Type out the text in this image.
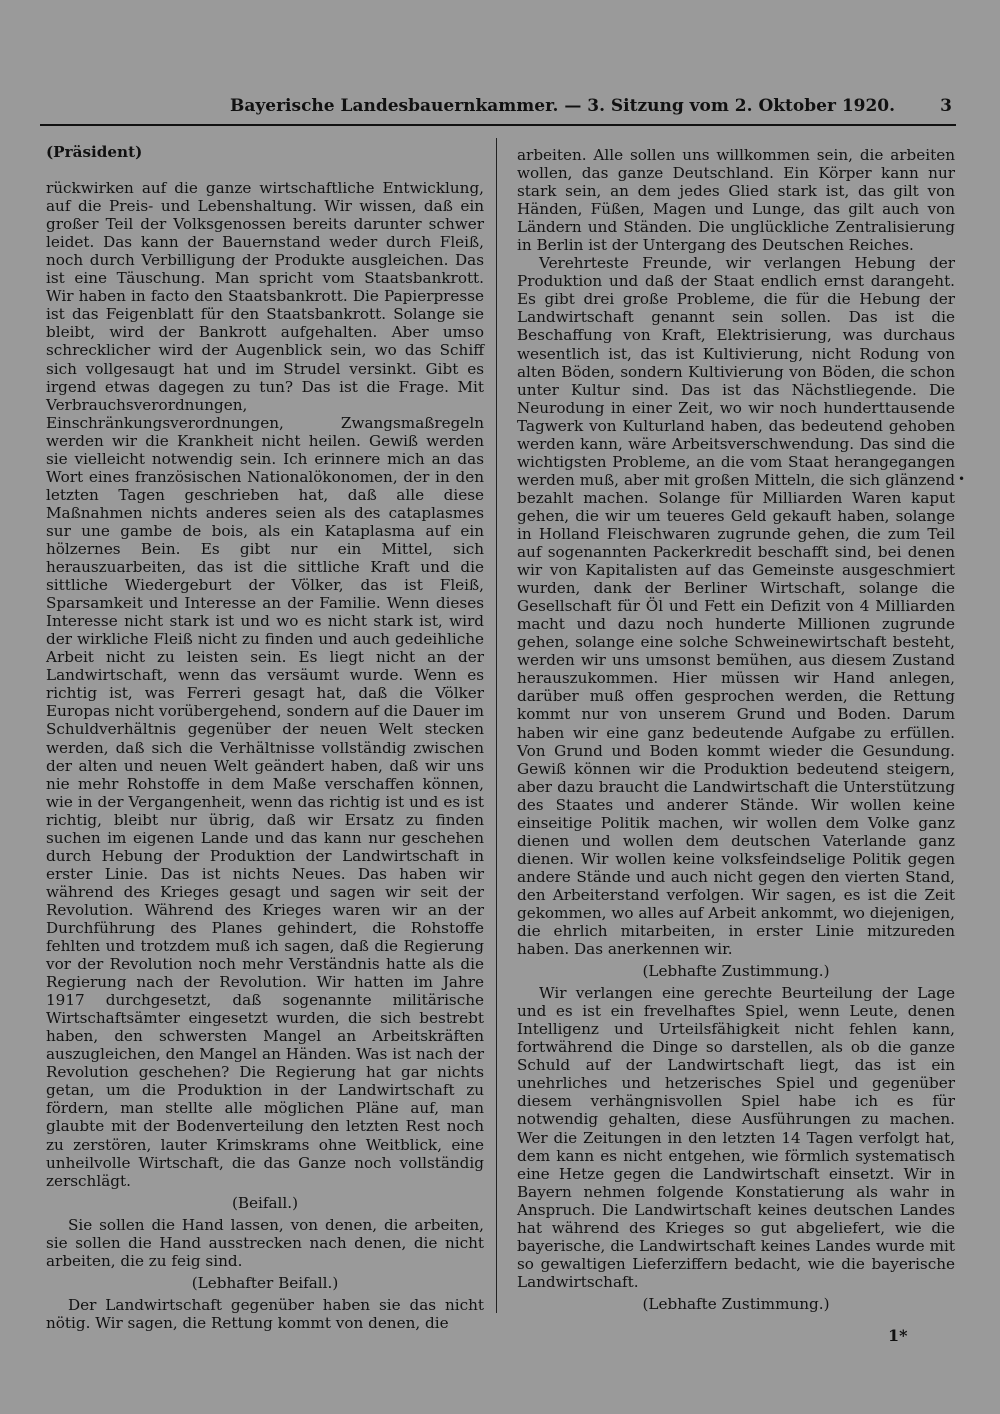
Bayerische Landesbauernkammer. — 3. Sitzung vom 2. Oktober 1920.	3

(Präsident)

rückwirken auf die ganze wirtschaftliche Entwicklung, auf die Preis- und Lebenshaltung. Wir wissen, daß ein großer Teil der Volksgenossen bereits darunter schwer leidet. Das kann der Bauernstand weder durch Fleiß, noch durch Verbilligung der Produkte ausgleichen. Das ist eine Täuschung. Man spricht vom Staatsbankrott. Wir haben in facto den Staatsbankrott. Die Papierpresse ist das Feigenblatt für den Staatsbankrott. Solange sie bleibt, wird der Bankrott aufgehalten. Aber umso schrecklicher wird der Augenblick sein, wo das Schiff sich vollgesaugt hat und im Strudel versinkt. Gibt es irgend etwas dagegen zu tun? Das ist die Frage. Mit Verbrauchsverordnungen, Einschränkungsverordnungen, Zwangsmaßregeln werden wir die Krankheit nicht heilen. Gewiß werden sie vielleicht notwendig sein. Ich erinnere mich an das Wort eines französischen Nationalökonomen, der in den letzten Tagen geschrieben hat, daß alle diese Maßnahmen nichts anderes seien als des cataplasmes sur une gambe de bois, als ein Kataplasma auf ein hölzernes Bein. Es gibt nur ein Mittel, sich herauszuarbeiten, das ist die sittliche Kraft und die sittliche Wiedergeburt der Völker, das ist Fleiß, Sparsamkeit und Interesse an der Familie. Wenn dieses Interesse nicht stark ist und wo es nicht stark ist, wird der wirkliche Fleiß nicht zu finden und auch gedeihliche Arbeit nicht zu leisten sein. Es liegt nicht an der Landwirtschaft, wenn das versäumt wurde. Wenn es richtig ist, was Ferreri gesagt hat, daß die Völker Europas nicht vorübergehend, sondern auf die Dauer im Schuldverhältnis gegenüber der neuen Welt stecken werden, daß sich die Verhältnisse vollständig zwischen der alten und neuen Welt geändert haben, daß wir uns nie mehr Rohstoffe in dem Maße verschaffen können, wie in der Vergangenheit, wenn das richtig ist und es ist richtig, bleibt nur übrig, daß wir Ersatz zu finden suchen im eigenen Lande und das kann nur geschehen durch Hebung der Produktion der Landwirtschaft in erster Linie. Das ist nichts Neues. Das haben wir während des Krieges gesagt und sagen wir seit der Revolution. Während des Krieges waren wir an der Durchführung des Planes gehindert, die Rohstoffe fehlten und trotzdem muß ich sagen, daß die Regierung vor der Revolution noch mehr Verständnis hatte als die Regierung nach der Revolution. Wir hatten im Jahre 1917 durchgesetzt, daß sogenannte militärische Wirtschaftsämter eingesetzt wurden, die sich bestrebt haben, den schwersten Mangel an Arbeitskräften auszugleichen, den Mangel an Händen. Was ist nach der Revolution geschehen? Die Regierung hat gar nichts getan, um die Produktion in der Landwirtschaft zu fördern, man stellte alle möglichen Pläne auf, man glaubte mit der Bodenverteilung den letzten Rest noch zu zerstören, lauter Krimskrams ohne Weitblick, eine unheilvolle Wirtschaft, die das Ganze noch vollständig zerschlägt.

(Beifall.)

Sie sollen die Hand lassen, von denen, die arbeiten, sie sollen die Hand ausstrecken nach denen, die nicht arbeiten, die zu feig sind.

(Lebhafter Beifall.)

Der Landwirtschaft gegenüber haben sie das nicht nötig. Wir sagen, die Rettung kommt von denen, die

arbeiten. Alle sollen uns willkommen sein, die arbeiten wollen, das ganze Deutschland. Ein Körper kann nur stark sein, an dem jedes Glied stark ist, das gilt von Händen, Füßen, Magen und Lunge, das gilt auch von Ländern und Ständen. Die unglückliche Zentralisierung in Berlin ist der Untergang des Deutschen Reiches.

Verehrteste Freunde, wir verlangen Hebung der Produktion und daß der Staat endlich ernst darangeht. Es gibt drei große Probleme, die für die Hebung der Landwirtschaft genannt sein sollen. Das ist die Beschaffung von Kraft, Elektrisierung, was durchaus wesentlich ist, das ist Kultivierung, nicht Rodung von alten Böden, sondern Kultivierung von Böden, die schon unter Kultur sind. Das ist das Nächstliegende. Die Neurodung in einer Zeit, wo wir noch hunderttausende Tagwerk von Kulturland haben, das bedeutend gehoben werden kann, wäre Arbeitsverschwendung. Das sind die wichtigsten Probleme, an die vom Staat herangegangen werden muß, aber mit großen Mitteln, die sich glänzend bezahlt machen. Solange für Milliarden Waren kaput gehen, die wir um teueres Geld gekauft haben, solange in Holland Fleischwaren zugrunde gehen, die zum Teil auf sogenannten Packerkredit beschafft sind, bei denen wir von Kapitalisten auf das Gemeinste ausgeschmiert wurden, dank der Berliner Wirtschaft, solange die Gesellschaft für Öl und Fett ein Defizit von 4 Milliarden macht und dazu noch hunderte Millionen zugrunde gehen, solange eine solche Schweinewirtschaft besteht, werden wir uns umsonst bemühen, aus diesem Zustand herauszukommen. Hier müssen wir Hand anlegen, darüber muß offen gesprochen werden, die Rettung kommt nur von unserem Grund und Boden. Darum haben wir eine ganz bedeutende Aufgabe zu erfüllen. Von Grund und Boden kommt wieder die Gesundung. Gewiß können wir die Produktion bedeutend steigern, aber dazu braucht die Landwirtschaft die Unterstützung des Staates und anderer Stände. Wir wollen keine einseitige Politik machen, wir wollen dem Volke ganz dienen und wollen dem deutschen Vaterlande ganz dienen. Wir wollen keine volksfeindselige Politik gegen andere Stände und auch nicht gegen den vierten Stand, den Arbeiterstand verfolgen. Wir sagen, es ist die Zeit gekommen, wo alles auf Arbeit ankommt, wo diejenigen, die ehrlich mitarbeiten, in erster Linie mitzureden haben. Das anerkennen wir.

(Lebhafte Zustimmung.)

Wir verlangen eine gerechte Beurteilung der Lage und es ist ein frevelhaftes Spiel, wenn Leute, denen Intelligenz und Urteilsfähigkeit nicht fehlen kann, fortwährend die Dinge so darstellen, als ob die ganze Schuld auf der Landwirtschaft liegt, das ist ein unehrliches und hetzerisches Spiel und gegenüber diesem verhängnisvollen Spiel habe ich es für notwendig gehalten, diese Ausführungen zu machen. Wer die Zeitungen in den letzten 14 Tagen verfolgt hat, dem kann es nicht entgehen, wie förmlich systematisch eine Hetze gegen die Landwirtschaft einsetzt. Wir in Bayern nehmen folgende Konstatierung als wahr in Anspruch. Die Landwirtschaft keines deutschen Landes hat während des Krieges so gut abgeliefert, wie die bayerische, die Landwirtschaft keines Landes wurde mit so gewaltigen Lieferziffern bedacht, wie die bayerische Landwirtschaft.

(Lebhafte Zustimmung.)

•
1*
